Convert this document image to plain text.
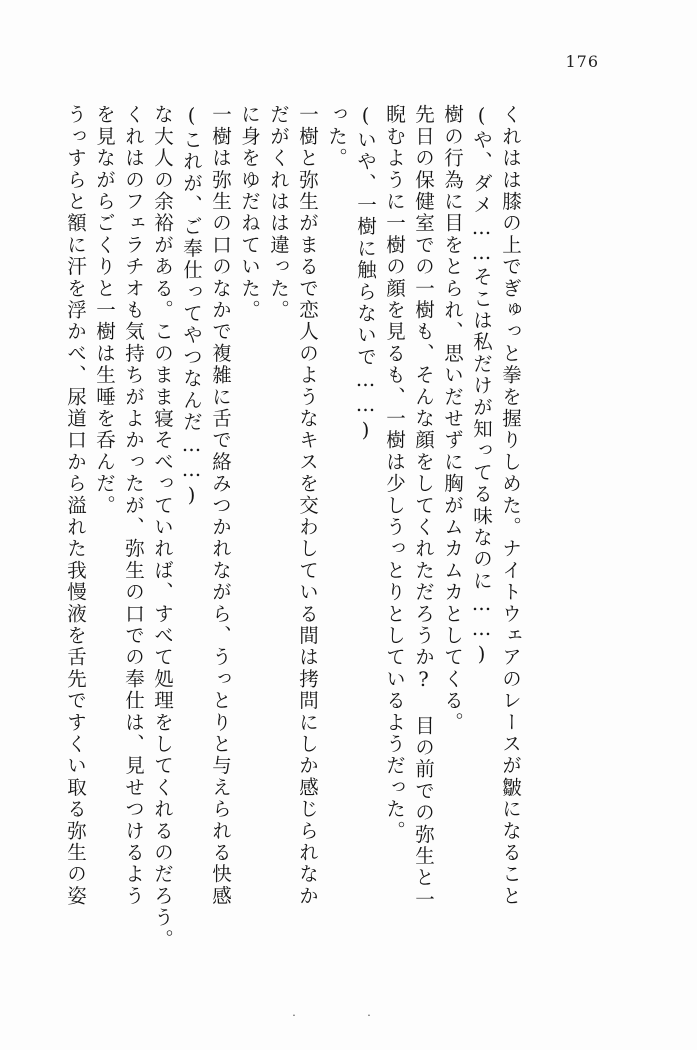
176
うっすらと額に汗を浮かべ、尿道口から溢れた我慢液を舌先ですくい取る弥生の姿 を見ながらごくりと一樹は生唾を呑んだ。 くれはのフェラチオも気持ちがよかったが、弥生の口での奉仕は、見せつけるよう な大人の余裕がある。このまま寝そべっていれば、すべて処理をしてくれるのだろう。 (これが、ご奉仕ってやつなんだ……) 一樹は弥生の口のなかで複雑に舌で絡みつかれながら、うっとりと与えられる快感 に身をゆだねていた。 だがくれはは違った。 一樹と弥生がまるで恋人のようなキスを交わしている間は拷問にしか感じられなか った。 (いや、一樹に触らないで……) 睨むように一樹の顔を見るも、一樹は少しうっとりとしているようだった。 先日の保健室での一樹も、そんな顔をしてくれただろうか?　目の前での弥生と一 樹の行為に目をとられ、思いだせずに胸がムカムカとしてくる。 (や、ダメ……そこは私だけが知ってる味なのに……) くれはは膝の上でぎゅっと拳を握りしめた。ナイトウェアのレースが皺になること
· ·
